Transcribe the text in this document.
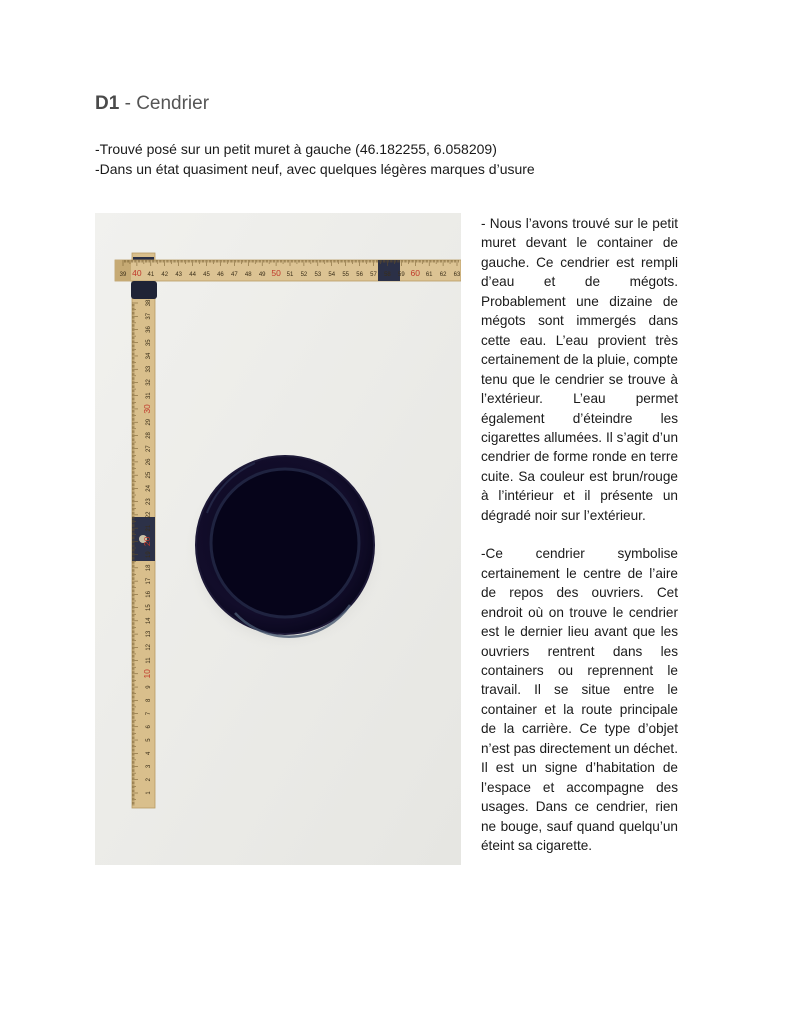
D1 - Cendrier
-Trouvé posé sur un petit muret à gauche (46.182255, 6.058209)
-Dans un état quasiment neuf, avec quelques légères marques d’usure
38
37
36
35
34
33
32
31
30
29
28
27
26
25
24
23
22
21
20
19
18
17
16
15
14
13
12
11
10
9
8
7
6
5
4
3
2
1
39 40 41 42 43 44 45 46 47 48 49 50 51 52 53 54 55 56 57 58 59 60 61 62 63

- Nous l’avons trouvé sur le petit muret devant le container de gauche. Ce cendrier est rempli d’eau et de mégots. Probablement une dizaine de mégots sont immergés dans cette eau. L’eau provient très certainement de la pluie, compte tenu que le cendrier se trouve à l’extérieur. L’eau permet également d’éteindre les cigarettes allumées. Il s’agit d’un cendrier de forme ronde en terre cuite. Sa couleur est brun/rouge à l’intérieur et il présente un dégradé noir sur l’extérieur.

-Ce cendrier symbolise certainement le centre de l’aire de repos des ouvriers. Cet endroit où on trouve le cendrier est le dernier lieu avant que les ouvriers rentrent dans les containers ou reprennent le travail. Il se situe entre le container et la route principale de la carrière. Ce type d’objet n’est pas directement un déchet. Il est un signe d’habitation de l’espace et accompagne des usages. Dans ce cendrier, rien ne bouge, sauf quand quelqu’un éteint sa cigarette.
